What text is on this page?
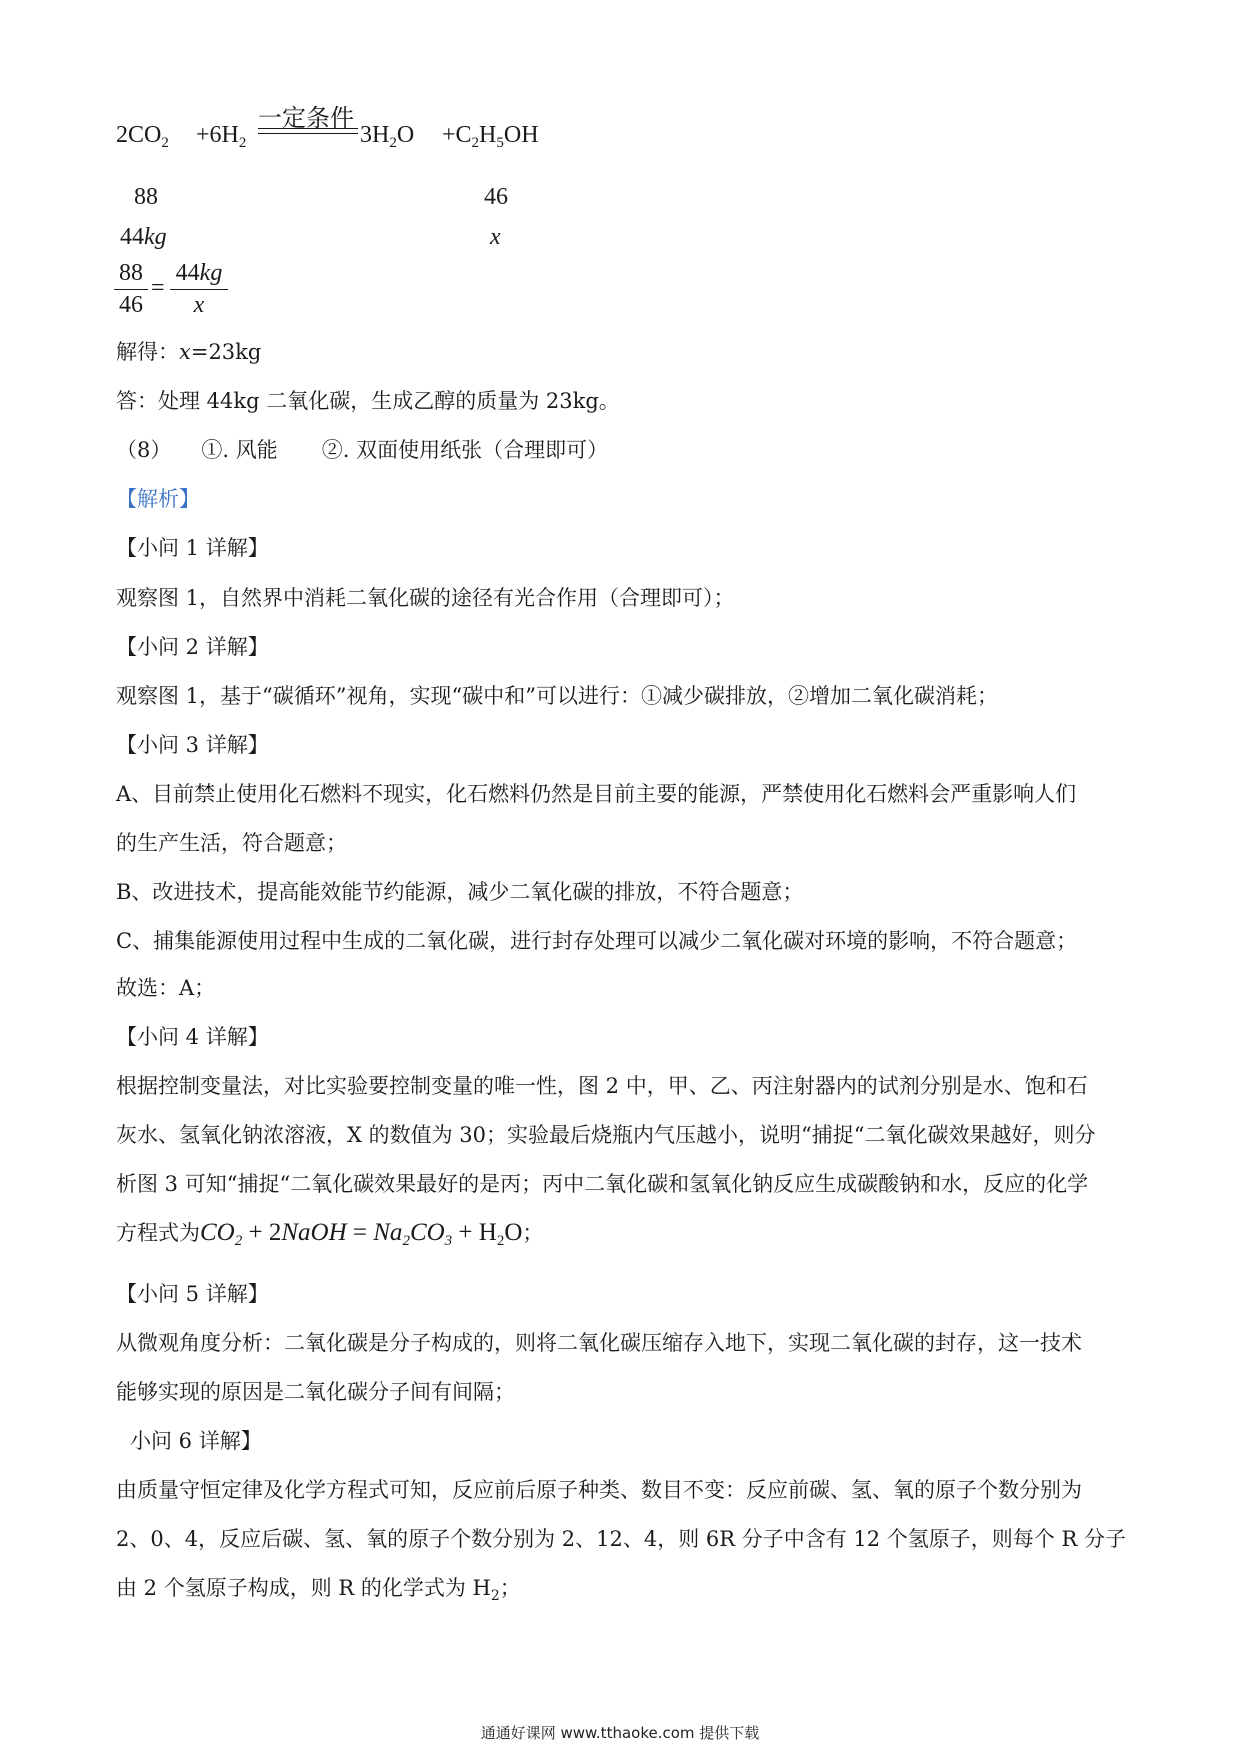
$2CO_2 +6H_2$
一定条件
$3H_2O +C_2H_5OH$
88	46
44kg	x
88
46
=
44kg
x
解得：x=23kg
答：处理 44kg 二氧化碳，生成乙醇的质量为 23kg。
（8） ①. 风能 ②. 双面使用纸张（合理即可）
【解析】
【小问 1 详解】
观察图 1，自然界中消耗二氧化碳的途径有光合作用（合理即可）；
【小问 2 详解】
观察图 1，基于“碳循环”视角，实现“碳中和”可以进行：①减少碳排放，②增加二氧化碳消耗；
【小问 3 详解】
A、目前禁止使用化石燃料不现实，化石燃料仍然是目前主要的能源，严禁使用化石燃料会严重影响人们
的生产生活，符合题意；
B、改进技术，提高能效能节约能源，减少二氧化碳的排放，不符合题意；
C、捕集能源使用过程中生成的二氧化碳，进行封存处理可以减少二氧化碳对环境的影响，不符合题意；
故选：A；
【小问 4 详解】
根据控制变量法，对比实验要控制变量的唯一性，图 2 中，甲、乙、丙注射器内的试剂分别是水、饱和石
灰水、氢氧化钠浓溶液，X 的数值为 30；实验最后烧瓶内气压越小，说明“捕捉“二氧化碳效果越好，则分
析图 3 可知“捕捉“二氧化碳效果最好的是丙；丙中二氧化碳和氢氧化钠反应生成碳酸钠和水，反应的化学
方程式为$CO_2$ + 2NaOH = $Na_2CO_3 + H_2O$；
【小问 5 详解】
从微观角度分析：二氧化碳是分子构成的，则将二氧化碳压缩存入地下，实现二氧化碳的封存，这一技术
能够实现的原因是二氧化碳分子间有间隔；
小问 6 详解】
由质量守恒定律及化学方程式可知，反应前后原子种类、数目不变：反应前碳、氢、氧的原子个数分别为
2、0、4，反应后碳、氢、氧的原子个数分别为 2、12、4，则 6R 分子中含有 12 个氢原子，则每个 R 分子
由 2 个氢原子构成，则 R 的化学式为 $H_2$；
通通好课网 www.tthaoke.com 提供下载
